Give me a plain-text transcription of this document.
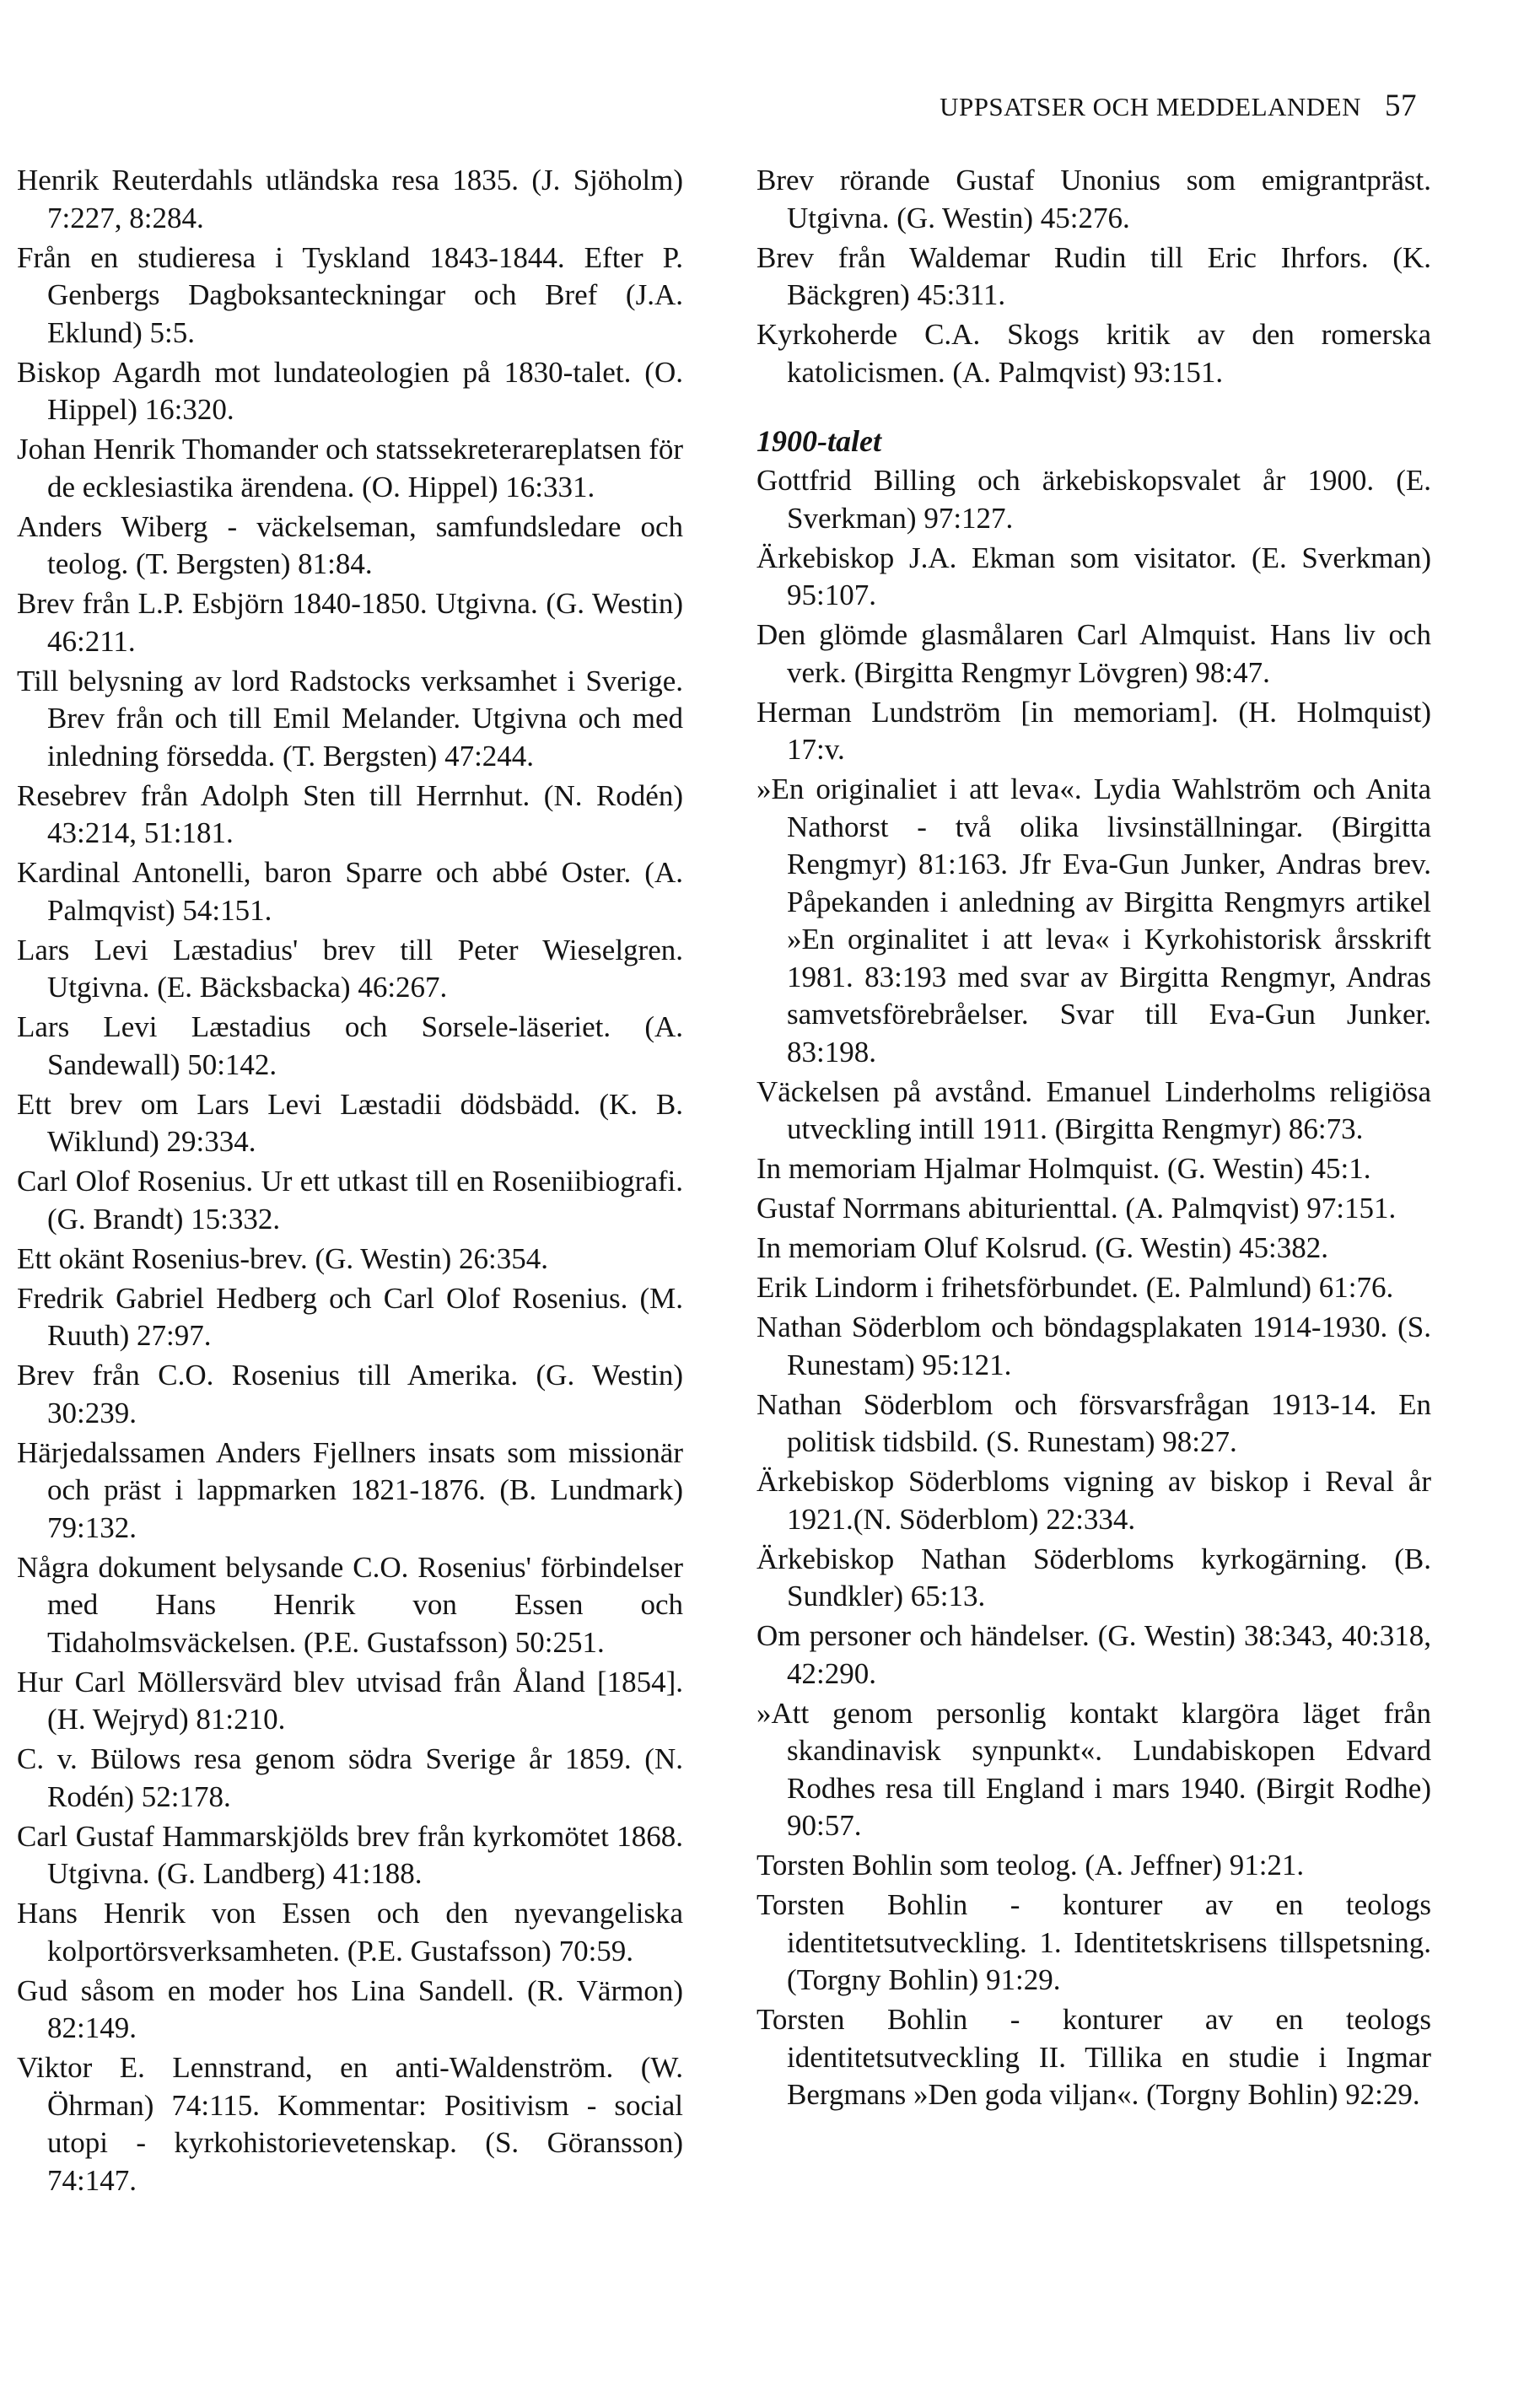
UPPSATSER OCH MEDDELANDEN 57

Henrik Reuterdahls utländska resa 1835. (J. Sjöholm) 7:227, 8:284.

Från en studieresa i Tyskland 1843-1844. Efter P. Genbergs Dagboksanteckningar och Bref (J.A. Eklund) 5:5.

Biskop Agardh mot lundateologien på 1830-talet. (O. Hippel) 16:320.

Johan Henrik Thomander och statssekreterareplatsen för de ecklesiastika ärendena. (O. Hippel) 16:331.

Anders Wiberg - väckelseman, samfundsledare och teolog. (T. Bergsten) 81:84.

Brev från L.P. Esbjörn 1840-1850. Utgivna. (G. Westin) 46:211.

Till belysning av lord Radstocks verksamhet i Sverige. Brev från och till Emil Melander. Utgivna och med inledning försedda. (T. Bergsten) 47:244.

Resebrev från Adolph Sten till Herrnhut. (N. Rodén) 43:214, 51:181.

Kardinal Antonelli, baron Sparre och abbé Oster. (A. Palmqvist) 54:151.

Lars Levi Læstadius' brev till Peter Wieselgren. Utgivna. (E. Bäcksbacka) 46:267.

Lars Levi Læstadius och Sorsele-läseriet. (A. Sandewall) 50:142.

Ett brev om Lars Levi Læstadii dödsbädd. (K. B. Wiklund) 29:334.

Carl Olof Rosenius. Ur ett utkast till en Roseniibiografi. (G. Brandt) 15:332.

Ett okänt Rosenius-brev. (G. Westin) 26:354.

Fredrik Gabriel Hedberg och Carl Olof Rosenius. (M. Ruuth) 27:97.

Brev från C.O. Rosenius till Amerika. (G. Westin) 30:239.

Härjedalssamen Anders Fjellners insats som missionär och präst i lappmarken 1821-1876. (B. Lundmark) 79:132.

Några dokument belysande C.O. Rosenius' förbindelser med Hans Henrik von Essen och Tidaholmsväckelsen. (P.E. Gustafsson) 50:251.

Hur Carl Möllersvärd blev utvisad från Åland [1854]. (H. Wejryd) 81:210.

C. v. Bülows resa genom södra Sverige år 1859. (N. Rodén) 52:178.

Carl Gustaf Hammarskjölds brev från kyrkomötet 1868. Utgivna. (G. Landberg) 41:188.

Hans Henrik von Essen och den nyevangeliska kolportörsverksamheten. (P.E. Gustafsson) 70:59.

Gud såsom en moder hos Lina Sandell. (R. Värmon) 82:149.

Viktor E. Lennstrand, en anti-Waldenström. (W. Öhrman) 74:115. Kommentar: Positivism - social utopi - kyrkohistorievetenskap. (S. Göransson) 74:147.

Brev rörande Gustaf Unonius som emigrantpräst. Utgivna. (G. Westin) 45:276.

Brev från Waldemar Rudin till Eric Ihrfors. (K. Bäckgren) 45:311.

Kyrkoherde C.A. Skogs kritik av den romerska katolicismen. (A. Palmqvist) 93:151.

1900-talet

Gottfrid Billing och ärkebiskopsvalet år 1900. (E. Sverkman) 97:127.

Ärkebiskop J.A. Ekman som visitator. (E. Sverkman) 95:107.

Den glömde glasmålaren Carl Almquist. Hans liv och verk. (Birgitta Rengmyr Lövgren) 98:47.

Herman Lundström [in memoriam]. (H. Holmquist) 17:v.

»En originaliet i att leva«. Lydia Wahlström och Anita Nathorst - två olika livsinställningar. (Birgitta Rengmyr) 81:163. Jfr Eva-Gun Junker, Andras brev. Påpekanden i anledning av Birgitta Rengmyrs artikel »En orginalitet i att leva« i Kyrkohistorisk årsskrift 1981. 83:193 med svar av Birgitta Rengmyr, Andras samvetsförebråelser. Svar till Eva-Gun Junker. 83:198.

Väckelsen på avstånd. Emanuel Linderholms religiösa utveckling intill 1911. (Birgitta Rengmyr) 86:73.

In memoriam Hjalmar Holmquist. (G. Westin) 45:1.

Gustaf Norrmans abiturienttal. (A. Palmqvist) 97:151.

In memoriam Oluf Kolsrud. (G. Westin) 45:382.

Erik Lindorm i frihetsförbundet. (E. Palmlund) 61:76.

Nathan Söderblom och böndagsplakaten 1914-1930. (S. Runestam) 95:121.

Nathan Söderblom och försvarsfrågan 1913-14. En politisk tidsbild. (S. Runestam) 98:27.

Ärkebiskop Söderbloms vigning av biskop i Reval år 1921.(N. Söderblom) 22:334.

Ärkebiskop Nathan Söderbloms kyrkogärning. (B. Sundkler) 65:13.

Om personer och händelser. (G. Westin) 38:343, 40:318, 42:290.

»Att genom personlig kontakt klargöra läget från skandinavisk synpunkt«. Lundabiskopen Edvard Rodhes resa till England i mars 1940. (Birgit Rodhe) 90:57.

Torsten Bohlin som teolog. (A. Jeffner) 91:21.

Torsten Bohlin - konturer av en teologs identitetsutveckling. 1. Identitetskrisens tillspetsning. (Torgny Bohlin) 91:29.

Torsten Bohlin - konturer av en teologs identitetsutveckling II. Tillika en studie i Ingmar Bergmans »Den goda viljan«. (Torgny Bohlin) 92:29.
